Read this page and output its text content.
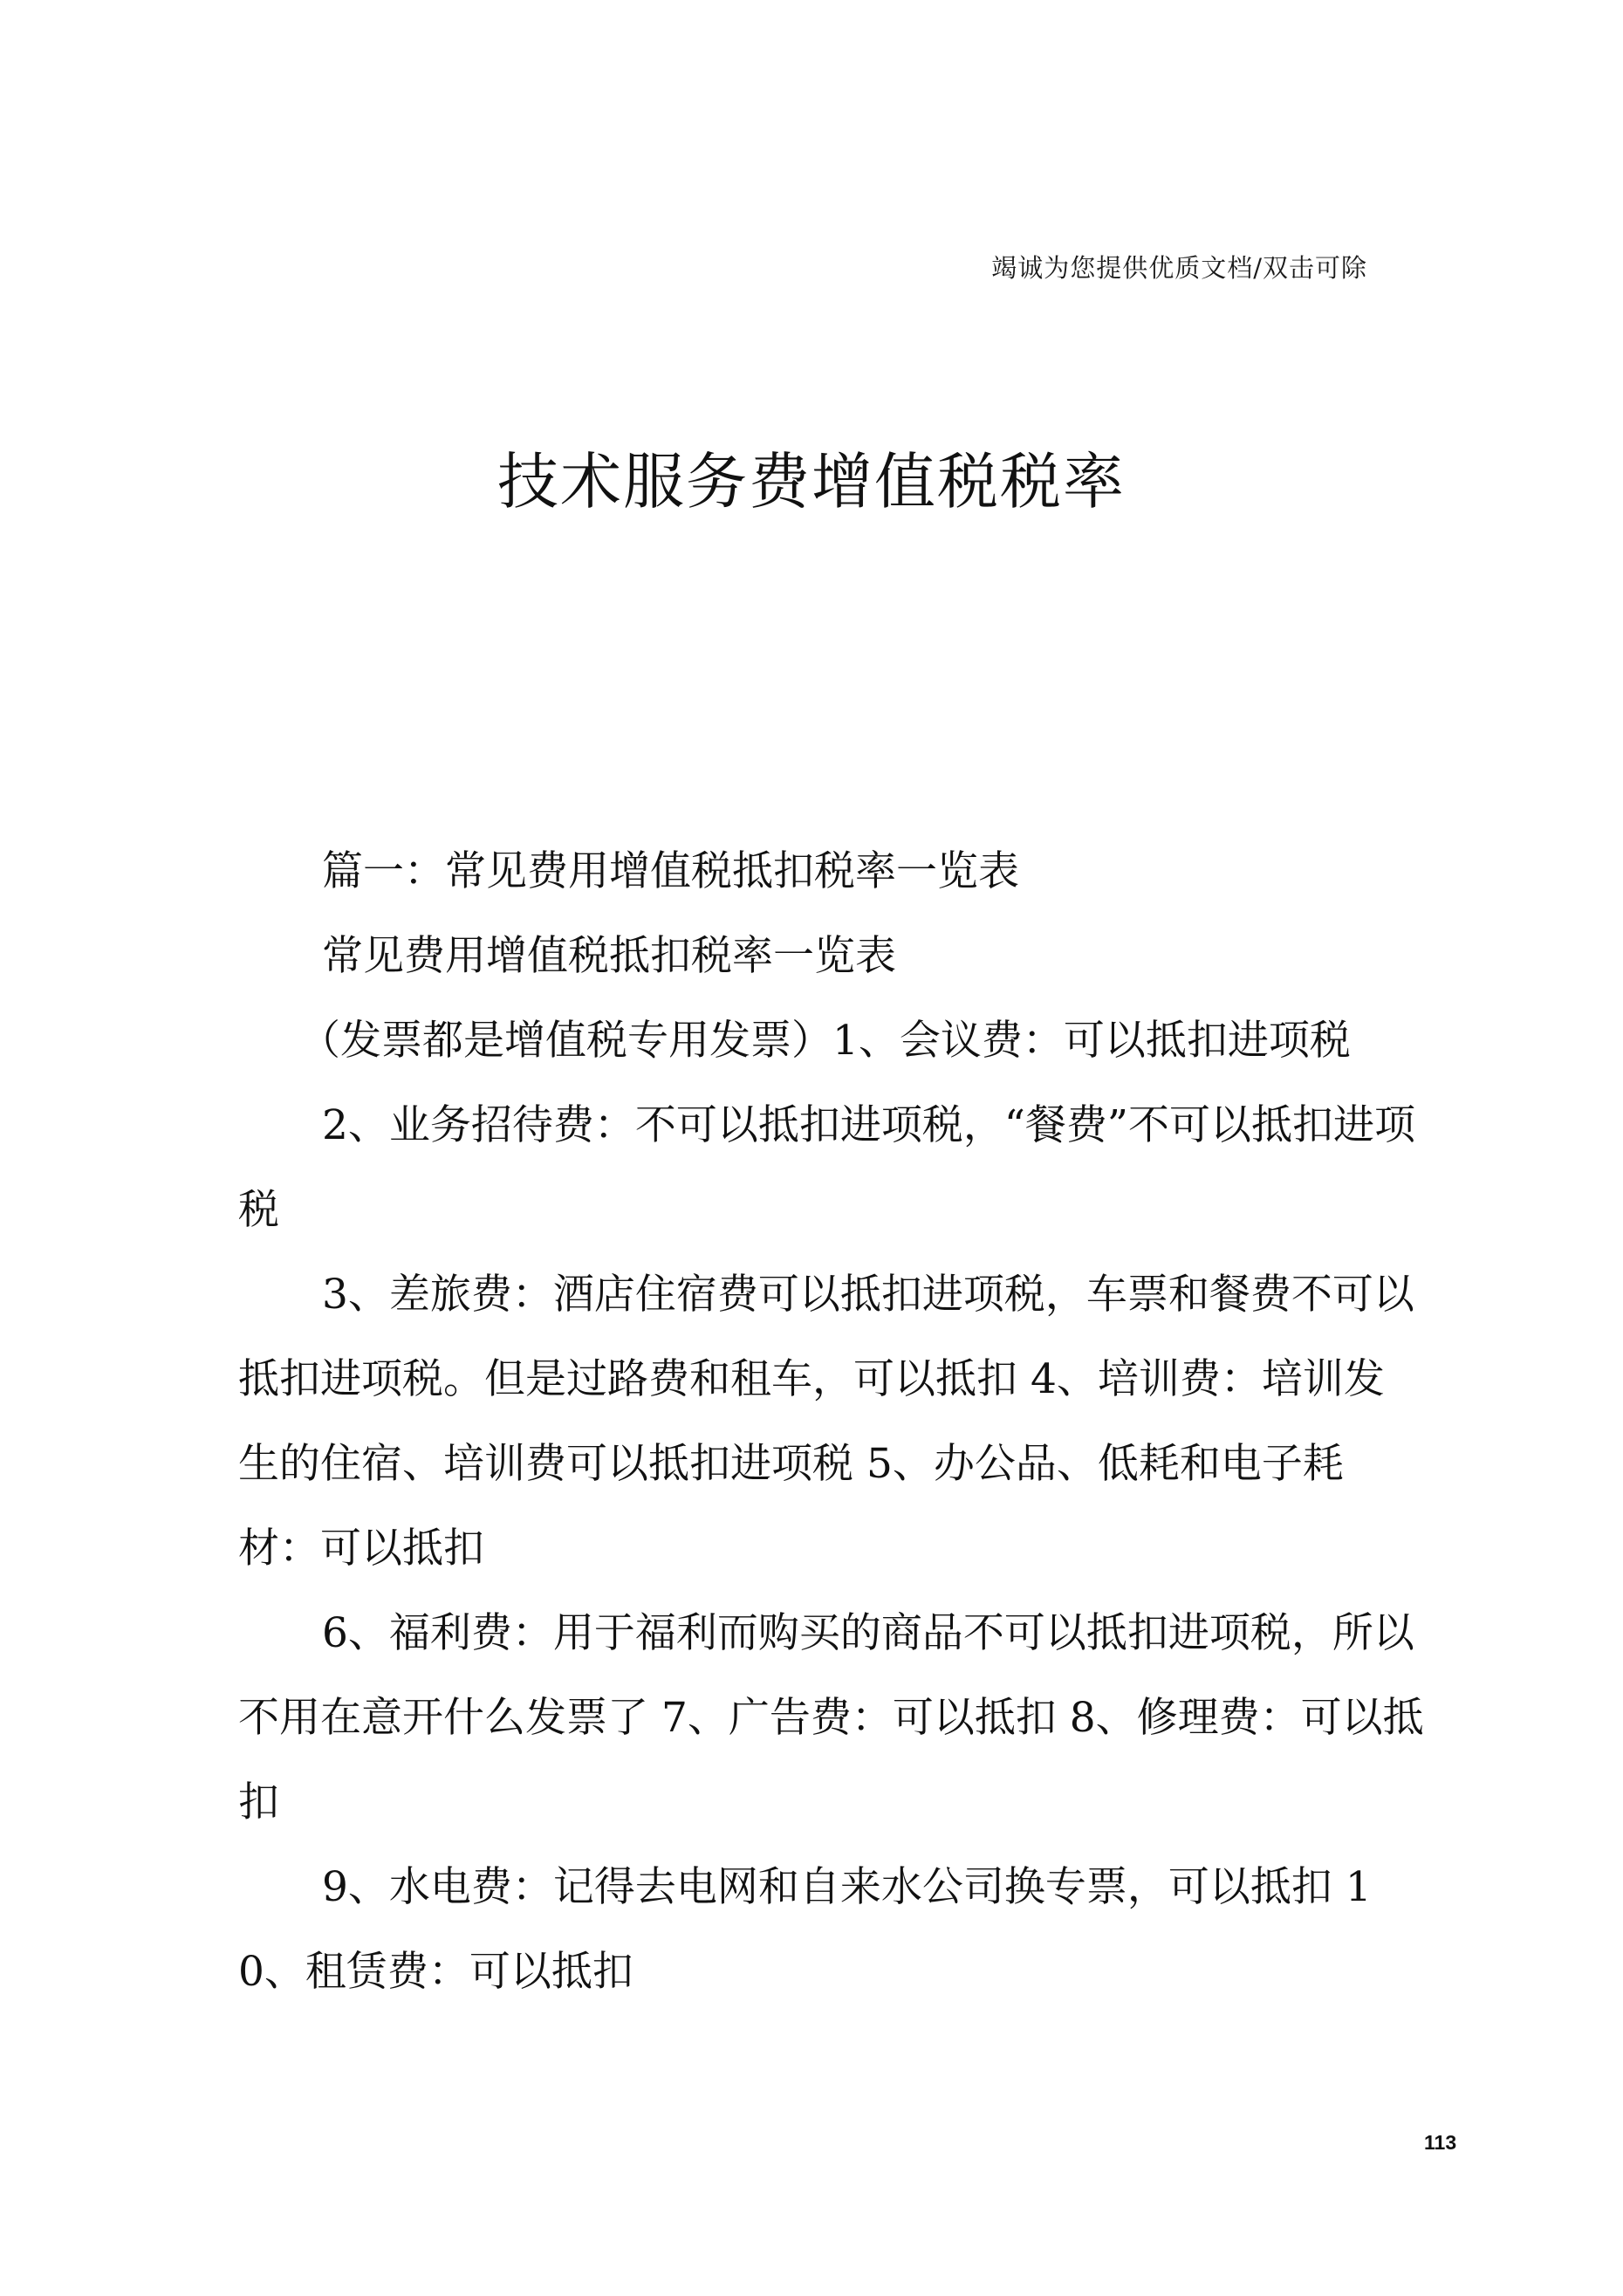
竭诚为您提供优质文档/双击可除
技术服务费增值税税率

篇一：常见费用增值税抵扣税率一览表

常见费用增值税抵扣税率一览表

（发票都是增值税专用发票）1、会议费：可以抵扣进项税

2、业务招待费：不可以抵扣进项税，“餐费”不可以抵扣进项税

3、差旅费：酒店住宿费可以抵扣进项税，车票和餐费不可以抵扣进项税。但是过路费和租车，可以抵扣 4、培训费：培训发生的住宿、培训费可以抵扣进项税 5、办公品、低耗和电子耗材：可以抵扣

6、福利费：用于福利而购买的商品不可以抵扣进项税，所以不用在意开什么发票了 7、广告费：可以抵扣 8、修理费：可以抵扣

9、水电费：记得去电网和自来水公司换专票，可以抵扣 10、租赁费：可以抵扣

113
